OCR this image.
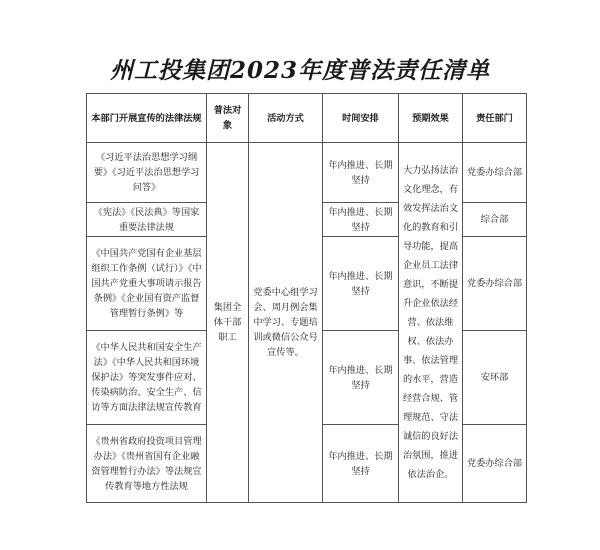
州工投集团2023年度普法责任清单
本部门开展宣传的法律法规	普法对象	活动方式	时间安排	预期效果	责任部门
《习近平法治思想学习纲要》《习近平法治思想学习问答》	集团全体干部职工	党委中心组学习会、周月例会集中学习、专题培训或微信公众号宣传等。	年内推进、长期坚持	大力弘扬法治文化理念，有效发挥法治文化的教育和引导功能，提高企业员工法律意识，不断提升企业依法经营、依法维权、依法办事、依法管理的水平，营造经营合规、管理规范、守法诚信的良好法治氛围，推进依法治企。	党委办综合部
《宪法》《民法典》等国家重要法律法规			年内推进、长期坚持		综合部
《中国共产党国有企业基层组织工作条例（试行）》《中国共产党重大事项请示报告条例》《企业国有资产监督管理暂行条例》等			年内推进、长期坚持		党委办综合部
《中华人民共和国安全生产法》《中华人民共和国环境保护法》等突发事件应对、传染病防治、安全生产、信访等方面法律法规宣传教育			年内推进、长期坚持		安环部
《贵州省政府投资项目管理办法》《贵州省国有企业融资管理暂行办法》等法规宣传教育等地方性法规			年内推进、长期坚持		党委办综合部
